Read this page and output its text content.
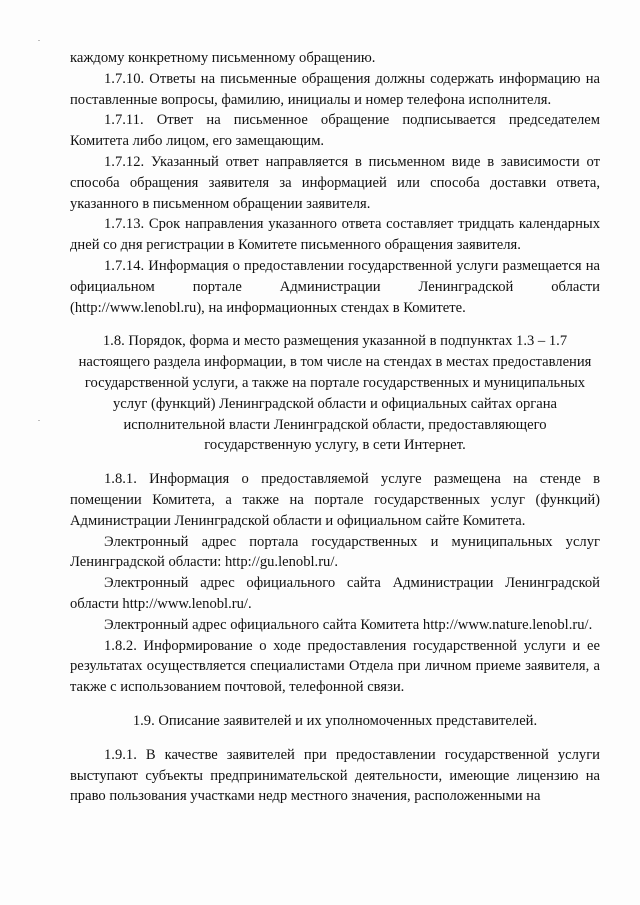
каждому конкретному письменному обращению.

1.7.10. Ответы на письменные обращения должны содержать информацию на поставленные вопросы, фамилию, инициалы и номер телефона исполнителя.

1.7.11. Ответ на письменное обращение подписывается председателем Комитета либо лицом, его замещающим.

1.7.12. Указанный ответ направляется в письменном виде в зависимости от способа обращения заявителя за информацией или способа доставки ответа, указанного в письменном обращении заявителя.

1.7.13. Срок направления указанного ответа составляет тридцать календарных дней со дня регистрации в Комитете письменного обращения заявителя.

1.7.14. Информация о предоставлении государственной услуги размещается на официальном портале Администрации Ленинградской области (http://www.lenobl.ru), на информационных стендах в Комитете.

1.8. Порядок, форма и место размещения указанной в подпунктах 1.3 – 1.7 настоящего раздела информации, в том числе на стендах в местах предоставления государственной услуги, а также на портале государственных и муниципальных услуг (функций) Ленинградской области и официальных сайтах органа исполнительной власти Ленинградской области, предоставляющего государственную услугу, в сети Интернет.

1.8.1. Информация о предоставляемой услуге размещена на стенде в помещении Комитета, а также на портале государственных услуг (функций) Администрации Ленинградской области и официальном сайте Комитета.

Электронный адрес портала государственных и муниципальных услуг Ленинградской области: http://gu.lenobl.ru/.

Электронный адрес официального сайта Администрации Ленинградской области http://www.lenobl.ru/.

Электронный адрес официального сайта Комитета http://www.nature.lenobl.ru/.

1.8.2. Информирование о ходе предоставления государственной услуги и ее результатах осуществляется специалистами Отдела при личном приеме заявителя, а также с использованием почтовой, телефонной связи.

1.9. Описание заявителей и их уполномоченных представителей.

1.9.1. В качестве заявителей при предоставлении государственной услуги выступают субъекты предпринимательской деятельности, имеющие лицензию на право пользования участками недр местного значения, расположенными на
